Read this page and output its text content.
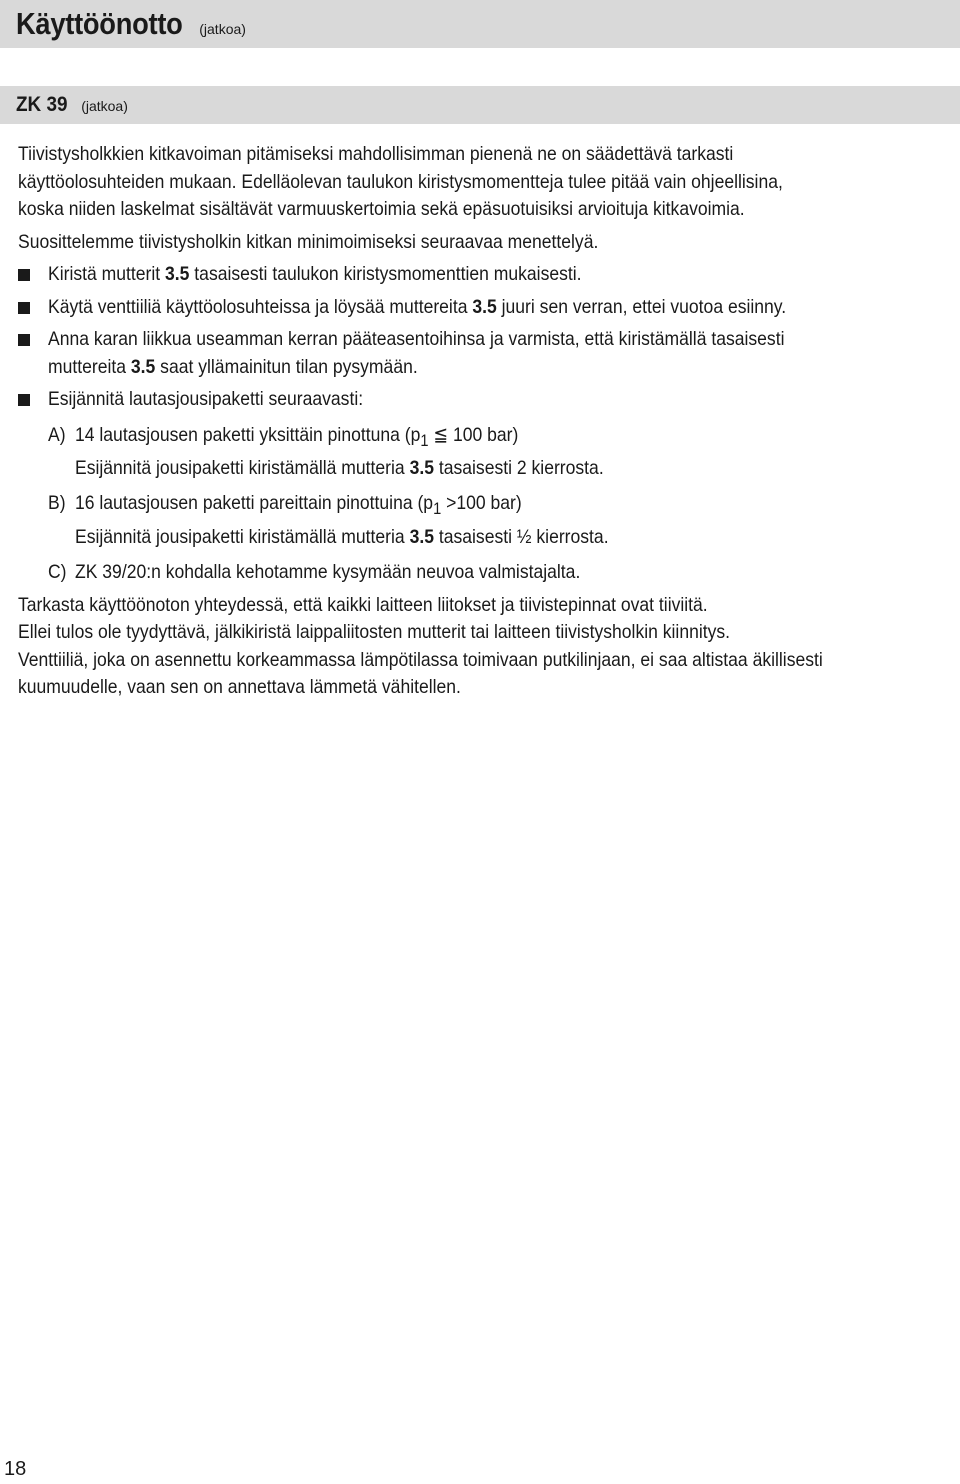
Käyttöönotto (jatkoa)
ZK 39 (jatkoa)

Tiivistysholkkien kitkavoiman pitämiseksi mahdollisimman pienenä ne on säädettävä tarkasti
käyttöolosuhteiden mukaan. Edelläolevan taulukon kiristysmomentteja tulee pitää vain ohjeellisina,
koska niiden laskelmat sisältävät varmuuskertoimia sekä epäsuotuisiksi arvioituja kitkavoimia.

Suosittelemme tiivistysholkin kitkan minimoimiseksi seuraavaa menettelyä.

Kiristä mutterit 3.5 tasaisesti taulukon kiristysmomenttien mukaisesti.

Käytä venttiiliä käyttöolosuhteissa ja löysää muttereita 3.5 juuri sen verran, ettei vuotoa esiinny.

Anna karan liikkua useamman kerran pääteasentoihinsa ja varmista, että kiristämällä tasaisesti
muttereita 3.5 saat yllämainitun tilan pysymään.

Esijännitä lautasjousipaketti seuraavasti:

A) 14 lautasjousen paketti yksittäin pinottuna ($p_1$ ≦ 100 bar)
Esijännitä jousipaketti kiristämällä mutteria 3.5 tasaisesti 2 kierrosta.

B) 16 lautasjousen paketti pareittain pinottuina ($p_1 >100$ bar)
Esijännitä jousipaketti kiristämällä mutteria 3.5 tasaisesti ½ kierrosta.

C) ZK 39/20:n kohdalla kehotamme kysymään neuvoa valmistajalta.

Tarkasta käyttöönoton yhteydessä, että kaikki laitteen liitokset ja tiivistepinnat ovat tiiviitä.
Ellei tulos ole tyydyttävä, jälkikiristä laippaliitosten mutterit tai laitteen tiivistysholkin kiinnitys.
Venttiiliä, joka on asennettu korkeammassa lämpötilassa toimivaan putkilinjaan, ei saa altistaa äkillisesti
kuumuudelle, vaan sen on annettava lämmetä vähitellen.

18
